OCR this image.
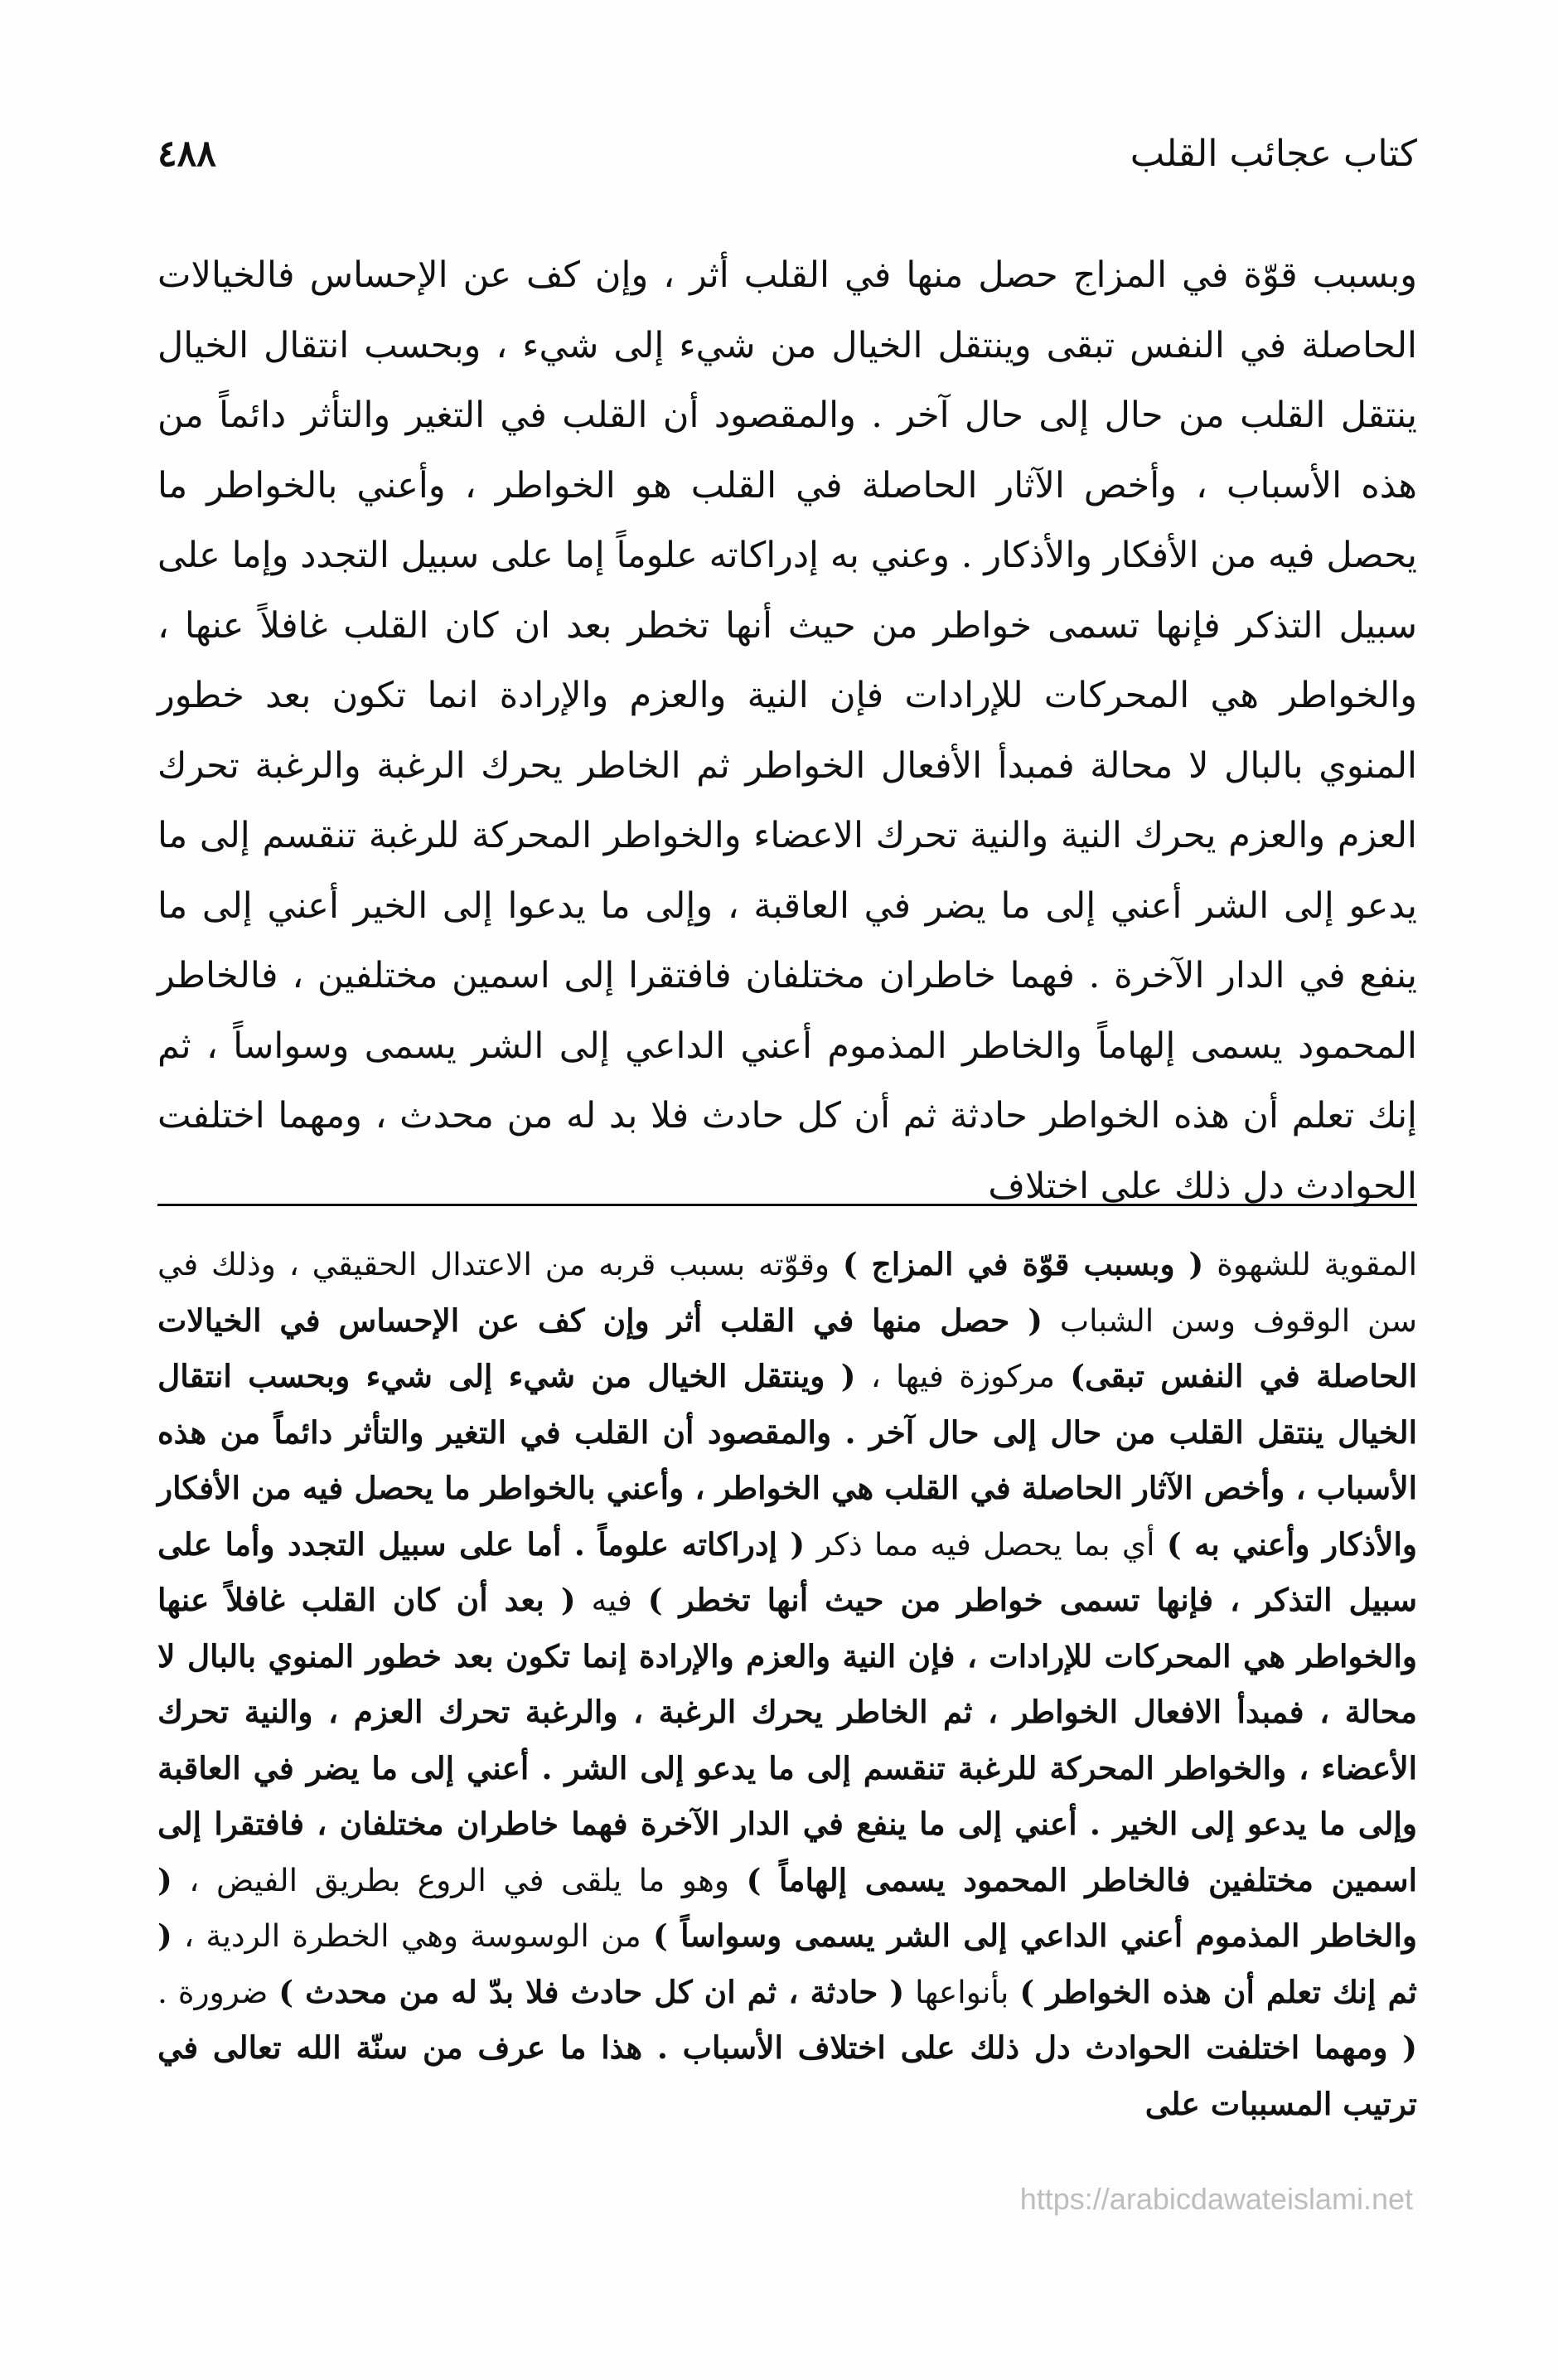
٤٨٨	كتاب عجائب القلب

وبسبب قوّة في المزاج حصل منها في القلب أثر ، وإن كف عن الإحساس فالخيالات الحاصلة في النفس تبقى وينتقل الخيال من شيء إلى شيء ، وبحسب انتقال الخيال ينتقل القلب من حال إلى حال آخر . والمقصود أن القلب في التغير والتأثر دائماً من هذه الأسباب ، وأخص الآثار الحاصلة في القلب هو الخواطر ، وأعني بالخواطر ما يحصل فيه من الأفكار والأذكار . وعني به إدراكاته علوماً إما على سبيل التجدد وإما على سبيل التذكر فإنها تسمى خواطر من حيث أنها تخطر بعد ان كان القلب غافلاً عنها ، والخواطر هي المحركات للإرادات فإن النية والعزم والإرادة انما تكون بعد خطور المنوي بالبال لا محالة فمبدأ الأفعال الخواطر ثم الخاطر يحرك الرغبة والرغبة تحرك العزم والعزم يحرك النية والنية تحرك الاعضاء والخواطر المحركة للرغبة تنقسم إلى ما يدعو إلى الشر أعني إلى ما يضر في العاقبة ، وإلى ما يدعوا إلى الخير أعني إلى ما ينفع في الدار الآخرة . فهما خاطران مختلفان فافتقرا إلى اسمين مختلفين ، فالخاطر المحمود يسمى إلهاماً والخاطر المذموم أعني الداعي إلى الشر يسمى وسواساً ، ثم إنك تعلم أن هذه الخواطر حادثة ثم أن كل حادث فلا بد له من محدث ، ومهما اختلفت الحوادث دل ذلك على اختلاف

المقوية للشهوة ( وبسبب قوّة في المزاج ) وقوّته بسبب قربه من الاعتدال الحقيقي ، وذلك في سن الوقوف وسن الشباب ( حصل منها في القلب أثر وإن كف عن الإحساس في الخيالات الحاصلة في النفس تبقى) مركوزة فيها ، ( وينتقل الخيال من شيء إلى شيء وبحسب انتقال الخيال ينتقل القلب من حال إلى حال آخر . والمقصود أن القلب في التغير والتأثر دائماً من هذه الأسباب ، وأخص الآثار الحاصلة في القلب هي الخواطر ، وأعني بالخواطر ما يحصل فيه من الأفكار والأذكار وأعني به ) أي بما يحصل فيه مما ذكر ( إدراكاته علوماً . أما على سبيل التجدد وأما على سبيل التذكر ، فإنها تسمى خواطر من حيث أنها تخطر ) فيه ( بعد أن كان القلب غافلاً عنها والخواطر هي المحركات للإرادات ، فإن النية والعزم والإرادة إنما تكون بعد خطور المنوي بالبال لا محالة ، فمبدأ الافعال الخواطر ، ثم الخاطر يحرك الرغبة ، والرغبة تحرك العزم ، والنية تحرك الأعضاء ، والخواطر المحركة للرغبة تنقسم إلى ما يدعو إلى الشر . أعني إلى ما يضر في العاقبة وإلى ما يدعو إلى الخير . أعني إلى ما ينفع في الدار الآخرة فهما خاطران مختلفان ، فافتقرا إلى اسمين مختلفين فالخاطر المحمود يسمى إلهاماً ) وهو ما يلقى في الروع بطريق الفيض ، ( والخاطر المذموم أعني الداعي إلى الشر يسمى وسواساً ) من الوسوسة وهي الخطرة الردية ، ( ثم إنك تعلم أن هذه الخواطر ) بأنواعها ( حادثة ، ثم ان كل حادث فلا بدّ له من محدث ) ضرورة . ( ومهما اختلفت الحوادث دل ذلك على اختلاف الأسباب . هذا ما عرف من سنّة الله تعالى في ترتيب المسببات على

https://arabicdawateislami.net
